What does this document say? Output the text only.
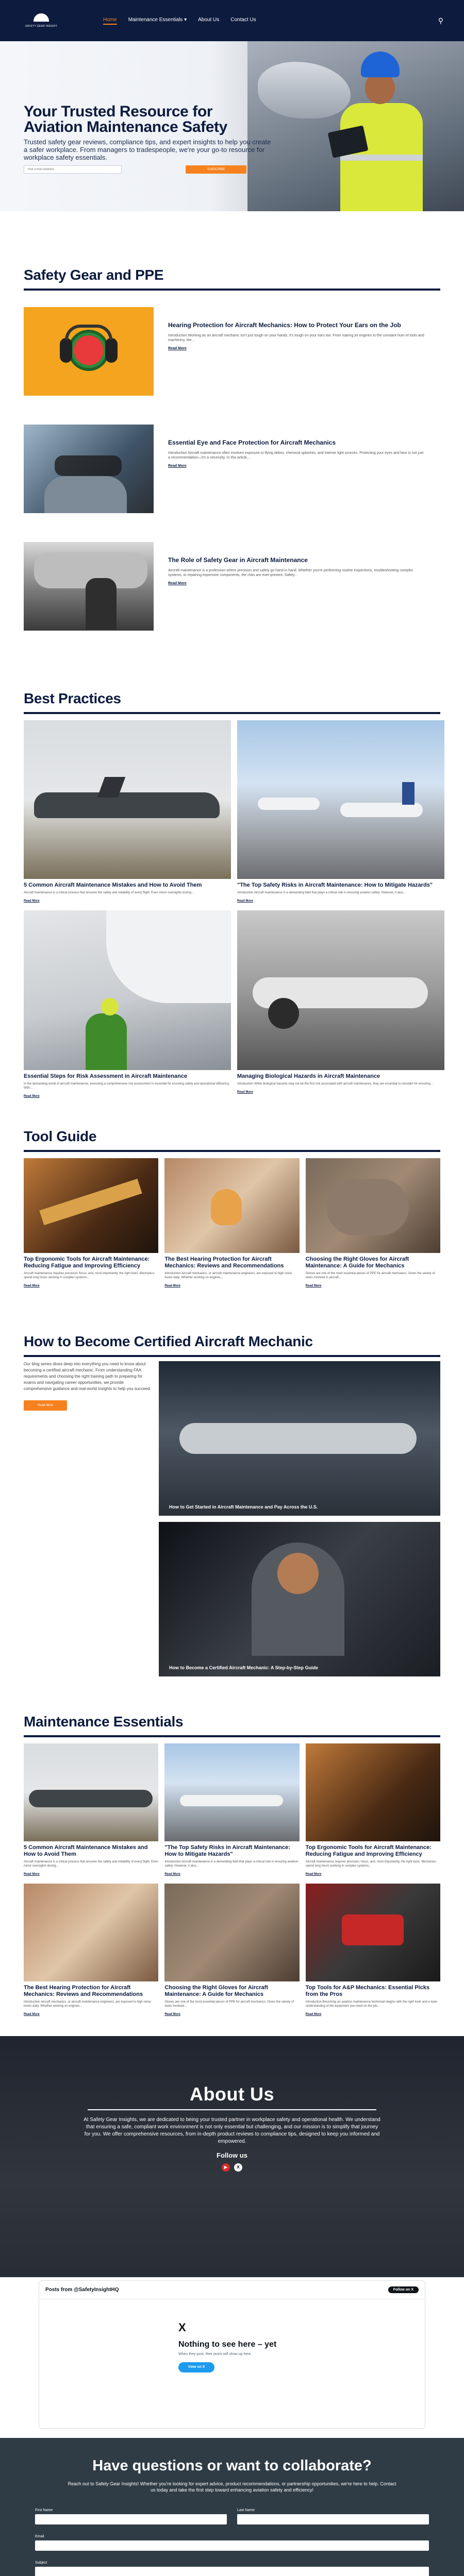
SAFETY GEAR INSIGHT
Home Maintenance Essentials ▾ About Us Contact Us	⚲
Your Trusted Resource for Aviation Maintenance Safety

Trusted safety gear reviews, compliance tips, and expert insights to help you create a safer workplace. From managers to tradespeople, we're your go-to resource for workplace safety essentials.

Your Email Address
SUBSCRIBE
Safety Gear and PPE
Hearing Protection for Aircraft Mechanics: How to Protect Your Ears on the Job

Introduction Working as an aircraft mechanic isn't just tough on your hands, it's tough on your ears too. From roaring jet engines to the constant hum of tools and machinery, the...

Read More
Essential Eye and Face Protection for Aircraft Mechanics

Introduction Aircraft maintenance often involves exposure to flying debris, chemical splashes, and intense light sources. Protecting your eyes and face is not just a recommendation—it's a necessity. In this article,...

Read More
The Role of Safety Gear in Aircraft Maintenance

Aircraft maintenance is a profession where precision and safety go hand in hand. Whether you're performing routine inspections, troubleshooting complex systems, or repairing expensive components, the risks are ever-present. Safety...

Read More
Best Practices
5 Common Aircraft Maintenance Mistakes and How to Avoid Them

Aircraft maintenance is a critical process that ensures the safety and reliability of every flight. Even minor oversights during...

Read More
"The Top Safety Risks in Aircraft Maintenance: How to Mitigate Hazards"

Introduction Aircraft maintenance is a demanding field that plays a critical role in ensuring aviation safety. However, it also...

Read More
Essential Steps for Risk Assessment in Aircraft Maintenance

In the demanding world of aircraft maintenance, executing a comprehensive risk assessment is essential for ensuring safety and operational efficiency. With...

Read More
Managing Biological Hazards in Aircraft Maintenance

Introduction While biological hazards may not be the first risk associated with aircraft maintenance, they are essential to consider for ensuring...

Read More
Tool Guide
Top Ergonomic Tools for Aircraft Maintenance: Reducing Fatigue and Improving Efficiency

Aircraft maintenance requires precision, focus, and, most importantly, the right tools. Mechanics spend long hours working in complex systems...

Read More
The Best Hearing Protection for Aircraft Mechanics: Reviews and Recommendations

Introduction Aircraft mechanics, or aircraft maintenance engineers, are exposed to high noise levels daily. Whether working on engines...

Read More
Choosing the Right Gloves for Aircraft Maintenance: A Guide for Mechanics

Gloves are one of the most essential pieces of PPE for aircraft mechanics. Given the variety of tasks involved in aircraft...

Read More
How to Become Certified Aircraft Mechanic

Our blog series dives deep into everything you need to know about becoming a certified aircraft mechanic. From understanding FAA requirements and choosing the right training path to preparing for exams and navigating career opportunities, we provide comprehensive guidance and real-world insights to help you succeed.

Read More
How to Get Started in Aircraft Maintenance and Pay Across the U.S.
How to Become a Certified Aircraft Mechanic: A Step-by-Step Guide
Maintenance Essentials
5 Common Aircraft Maintenance Mistakes and How to Avoid Them

Aircraft maintenance is a critical process that ensures the safety and reliability of every flight. Even minor oversights during...

Read More
"The Top Safety Risks in Aircraft Maintenance: How to Mitigate Hazards"

Introduction Aircraft maintenance is a demanding field that plays a critical role in ensuring aviation safety. However, it also...

Read More
Top Ergonomic Tools for Aircraft Maintenance: Reducing Fatigue and Improving Efficiency

Aircraft maintenance requires precision, focus, and, most importantly, the right tools. Mechanics spend long hours working in complex systems...

Read More
The Best Hearing Protection for Aircraft Mechanics: Reviews and Recommendations

Introduction Aircraft mechanics, or aircraft maintenance engineers, are exposed to high noise levels daily. Whether working on engines...

Read More
Choosing the Right Gloves for Aircraft Maintenance: A Guide for Mechanics

Gloves are one of the most essential pieces of PPE for aircraft mechanics. Given the variety of tasks involved...

Read More
Top Tools for A&P Mechanics: Essential Picks from the Pros

Introduction Becoming an aviation maintenance technician begins with the right tools and a keen understanding of the equipment you need on the job...

Read More
About Us

At Safety Gear Insights, we are dedicated to being your trusted partner in workplace safety and operational health. We understand that ensuring a safe, compliant work environment is not only essential but challenging, and our mission is to simplify that journey for you. We offer comprehensive resources, from in-depth product reviews to compliance tips, designed to keep you informed and empowered.

Follow us
▶	X
Posts from @SafetyInsightHQ	Follow on X
X
Nothing to see here – yet

When they post, their posts will show up here.

View on X
Have questions or want to collaborate?

Reach out to Safety Gear Insights! Whether you're looking for expert advice, product recommendations, or partnership opportunities, we're here to help. Contact us today and take the first step toward enhancing aviation safety and efficiency!

First Name	Last Name
Email
Subject
